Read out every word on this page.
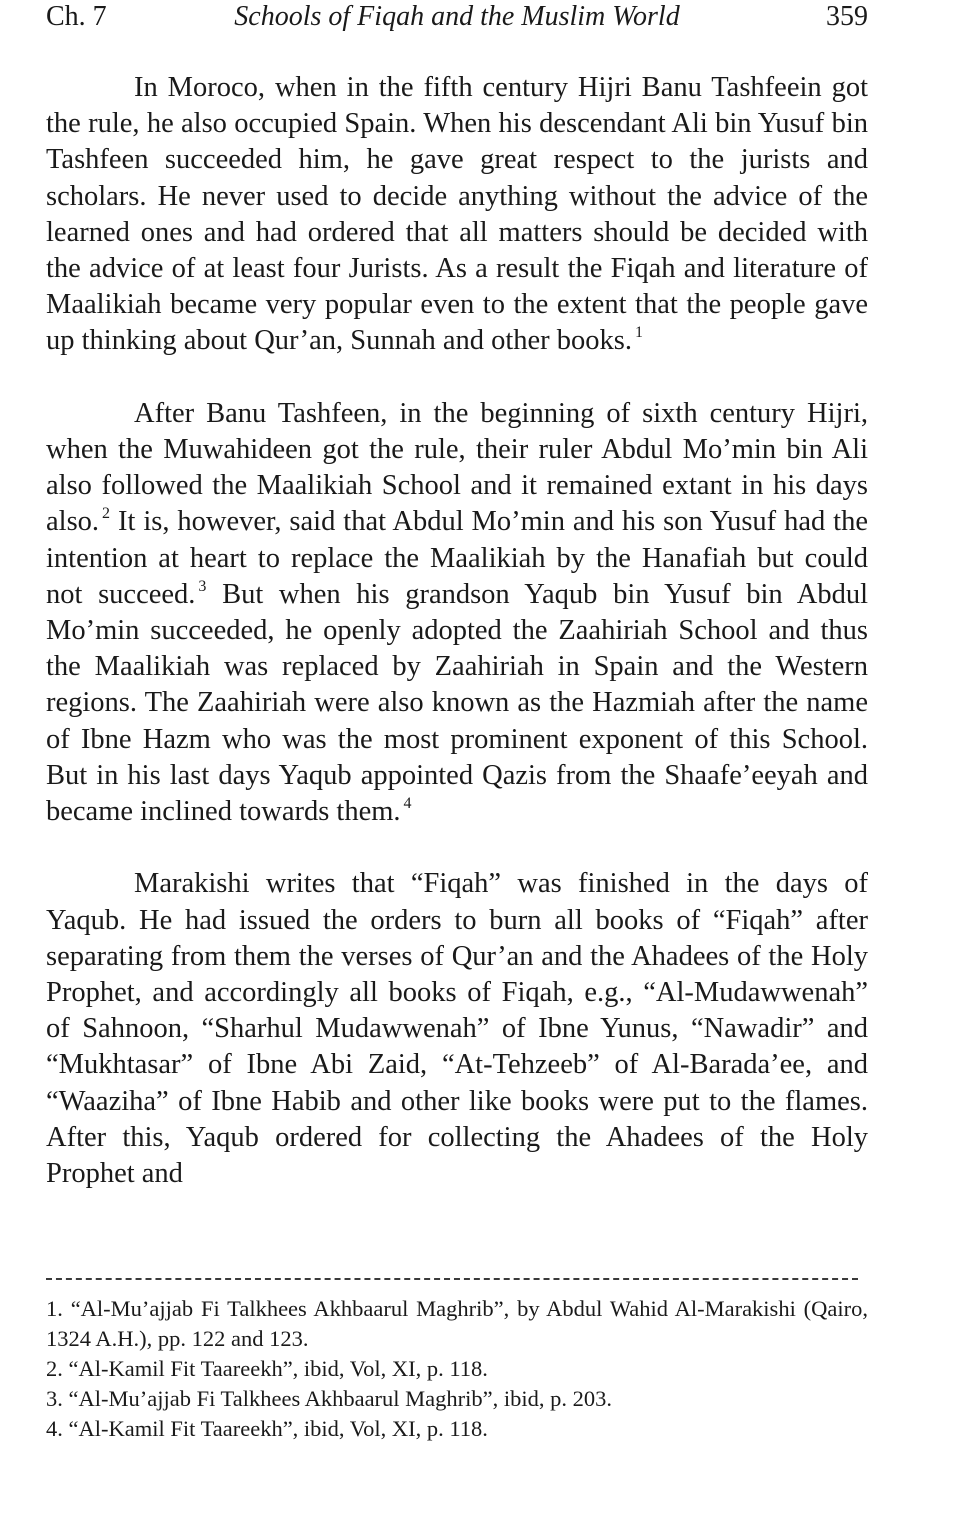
Ch. 7	Schools of Fiqah and the Muslim World	359

In Moroco, when in the fifth century Hijri Banu Tashfeein got the rule, he also occupied Spain. When his descendant Ali bin Yusuf bin Tashfeen succeeded him, he gave great respect to the jurists and scholars. He never used to decide anything without the advice of the learned ones and had ordered that all matters should be decided with the advice of at least four Jurists. As a result the Fiqah and literature of Maalikiah became very popular even to the extent that the people gave up thinking about Qur’an, Sunnah and other books. $^1$

After Banu Tashfeen, in the beginning of sixth century Hijri, when the Muwahideen got the rule, their ruler Abdul Mo’min bin Ali also followed the Maalikiah School and it remained extant in his days also. $^2$ It is, however, said that Abdul Mo’min and his son Yusuf had the intention at heart to replace the Maalikiah by the Hanafiah but could not succeed. $^3$ But when his grandson Yaqub bin Yusuf bin Abdul Mo’min succeeded, he openly adopted the Zaahiriah School and thus the Maalikiah was replaced by Zaahiriah in Spain and the Western regions. The Zaahiriah were also known as the Hazmiah after the name of Ibne Hazm who was the most prominent exponent of this School. But in his last days Yaqub appointed Qazis from the Shaafe’eeyah and became inclined towards them. $^4$

Marakishi writes that “Fiqah” was finished in the days of Yaqub. He had issued the orders to burn all books of “Fiqah” after separating from them the verses of Qur’an and the Ahadees of the Holy Prophet, and accordingly all books of Fiqah, e.g., “Al-Mudawwenah” of Sahnoon, “Sharhul Mudawwenah” of Ibne Yunus, “Nawadir” and “Mukhtasar” of Ibne Abi Zaid, “At-Tehzeeb” of Al-Barada’ee, and “Waaziha” of Ibne Habib and other like books were put to the flames. After this, Yaqub ordered for collecting the Ahadees of the Holy Prophet and

1. “Al-Mu’ajjab Fi Talkhees Akhbaarul Maghrib”, by Abdul Wahid Al-Marakishi (Qairo, 1324 A.H.), pp. 122 and 123.

2. “Al-Kamil Fit Taareekh”, ibid, Vol, XI, p. 118.

3. “Al-Mu’ajjab Fi Talkhees Akhbaarul Maghrib”, ibid, p. 203.

4. “Al-Kamil Fit Taareekh”, ibid, Vol, XI, p. 118.
